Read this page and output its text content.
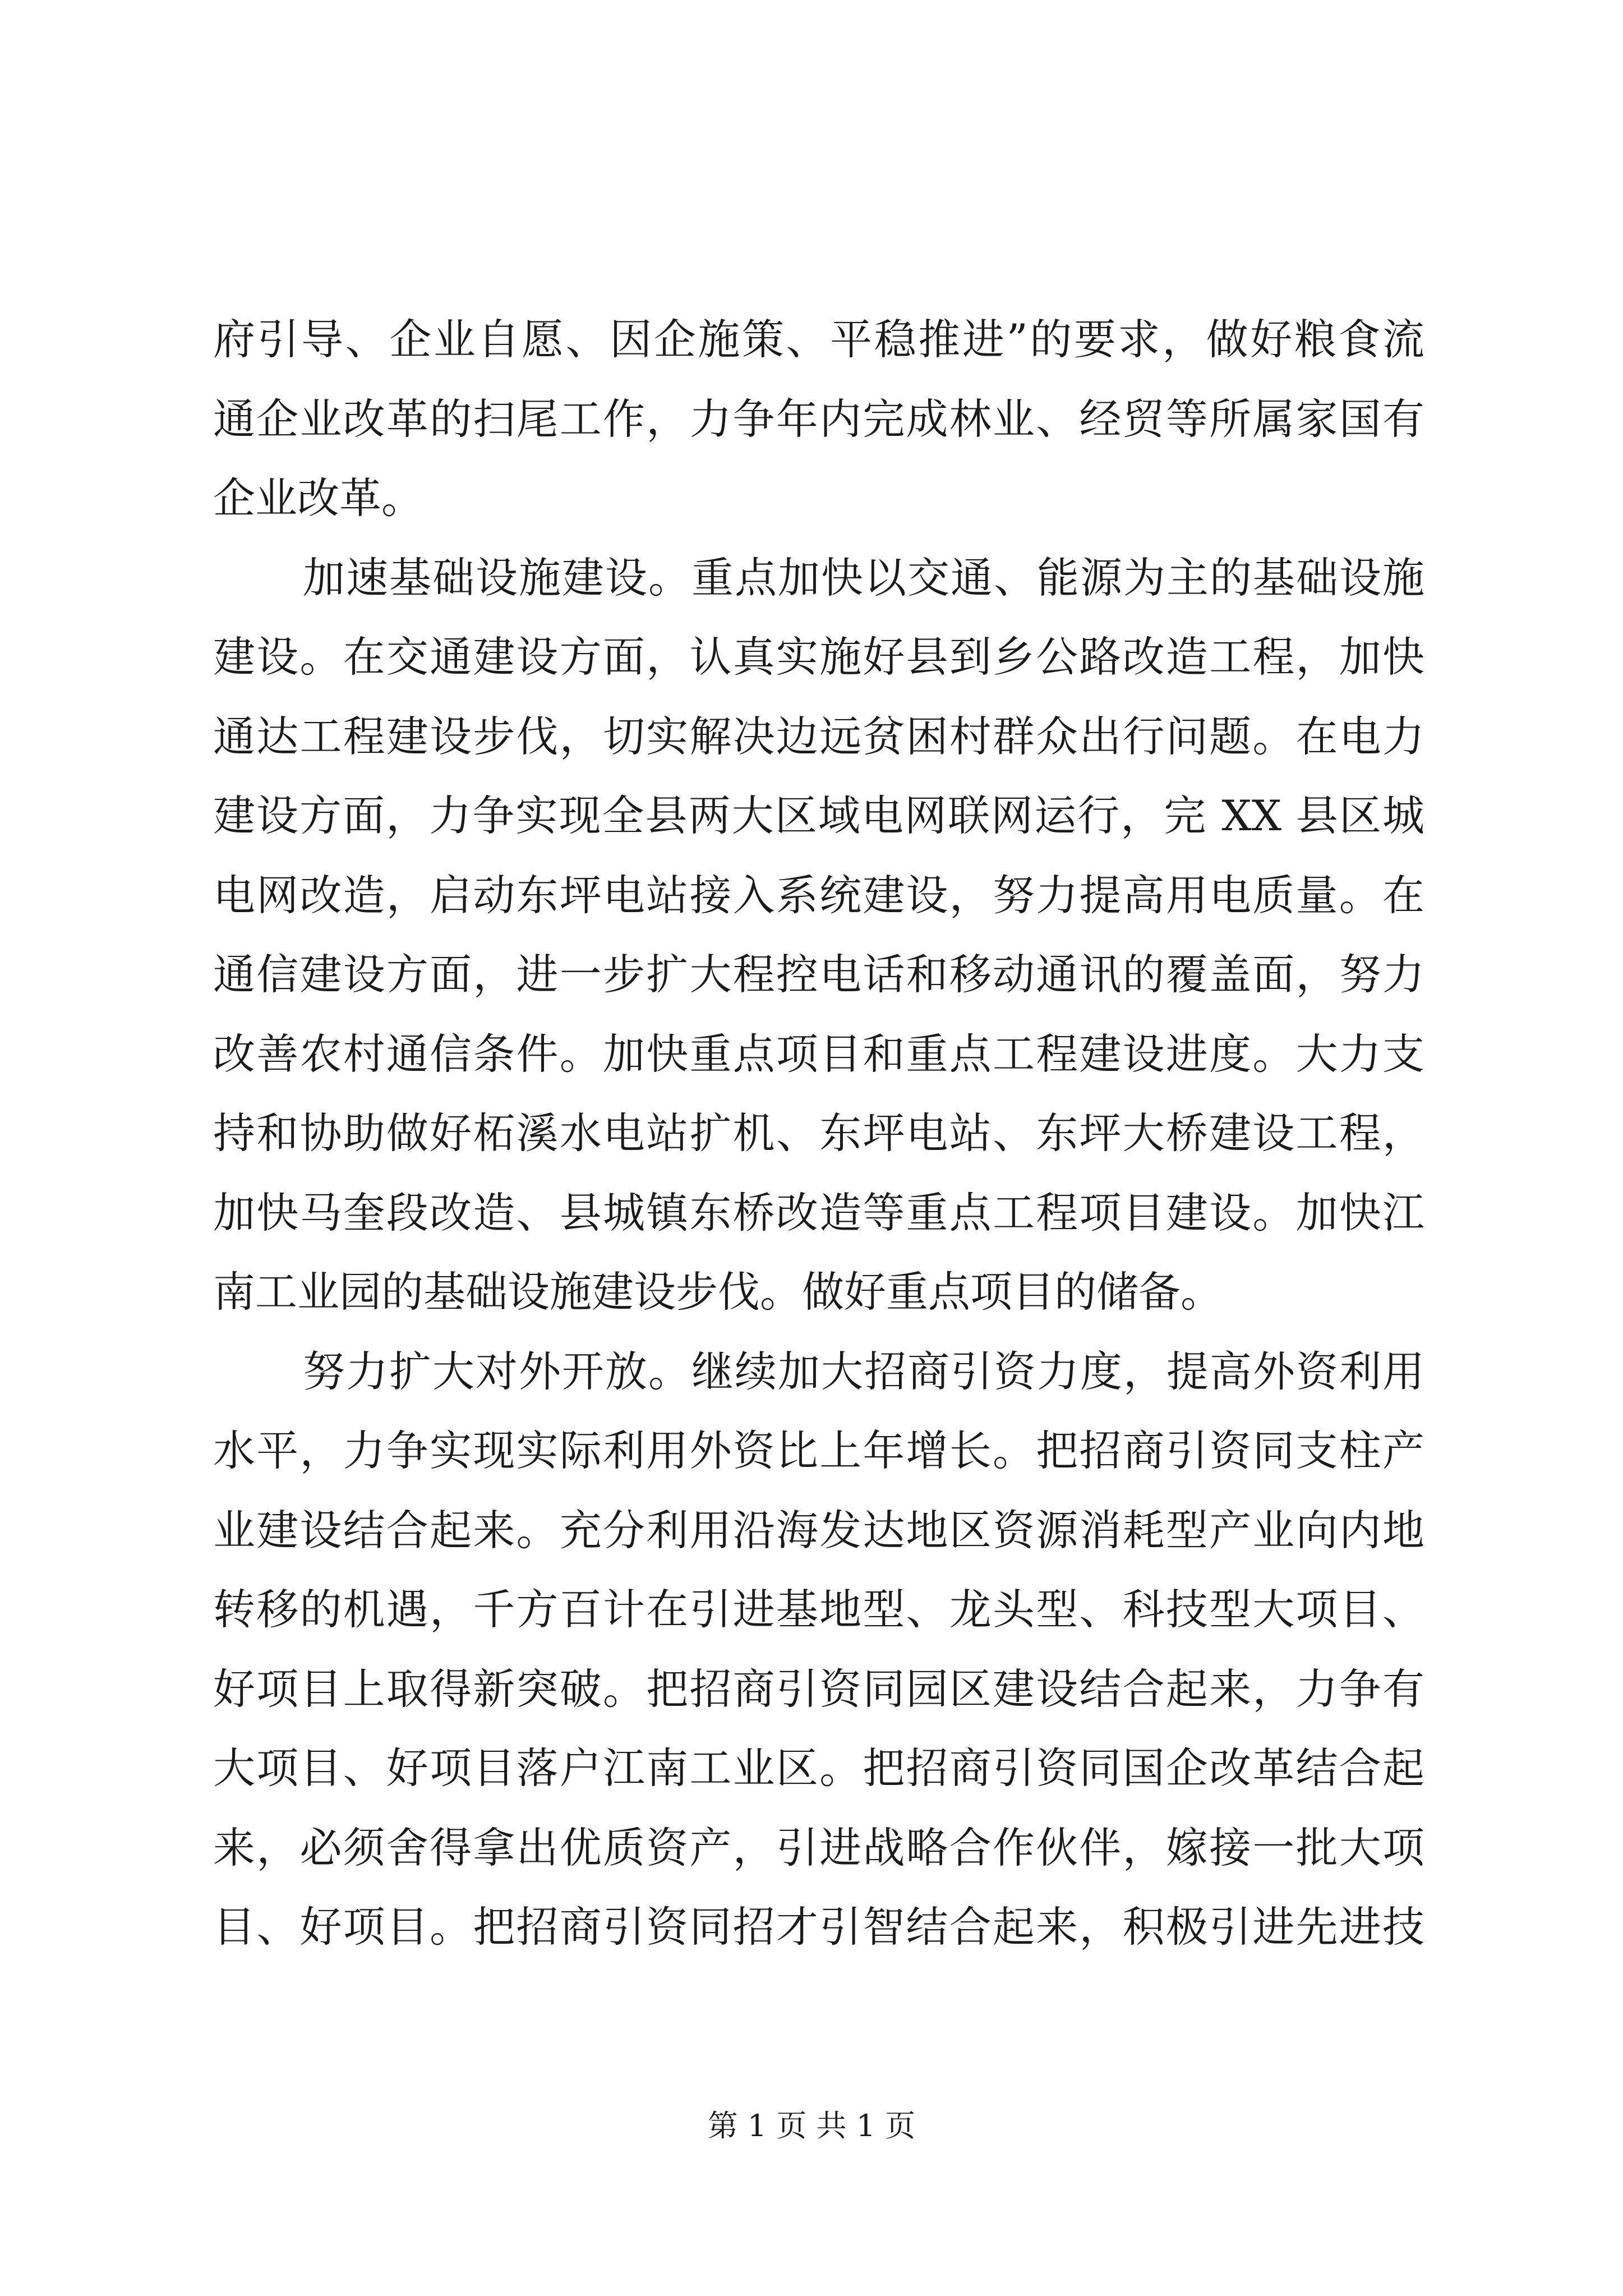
府引导、企业自愿、因企施策、平稳推进”的要求，做好粮食流
通企业改革的扫尾工作，力争年内完成林业、经贸等所属家国有
企业改革。
加速基础设施建设。重点加快以交通、能源为主的基础设施
建设。在交通建设方面，认真实施好县到乡公路改造工程，加快
通达工程建设步伐，切实解决边远贫困村群众出行问题。在电力
建设方面，力争实现全县两大区域电网联网运行，完 XX 县区城
电网改造，启动东坪电站接入系统建设，努力提高用电质量。在
通信建设方面，进一步扩大程控电话和移动通讯的覆盖面，努力
改善农村通信条件。加快重点项目和重点工程建设进度。大力支
持和协助做好柘溪水电站扩机、东坪电站、东坪大桥建设工程，
加快马奎段改造、县城镇东桥改造等重点工程项目建设。加快江
南工业园的基础设施建设步伐。做好重点项目的储备。
努力扩大对外开放。继续加大招商引资力度，提高外资利用
水平，力争实现实际利用外资比上年增长。把招商引资同支柱产
业建设结合起来。充分利用沿海发达地区资源消耗型产业向内地
转移的机遇，千方百计在引进基地型、龙头型、科技型大项目、
好项目上取得新突破。把招商引资同园区建设结合起来，力争有
大项目、好项目落户江南工业区。把招商引资同国企改革结合起
来，必须舍得拿出优质资产，引进战略合作伙伴，嫁接一批大项
目、好项目。把招商引资同招才引智结合起来，积极引进先进技
第 1 页 共 1 页
